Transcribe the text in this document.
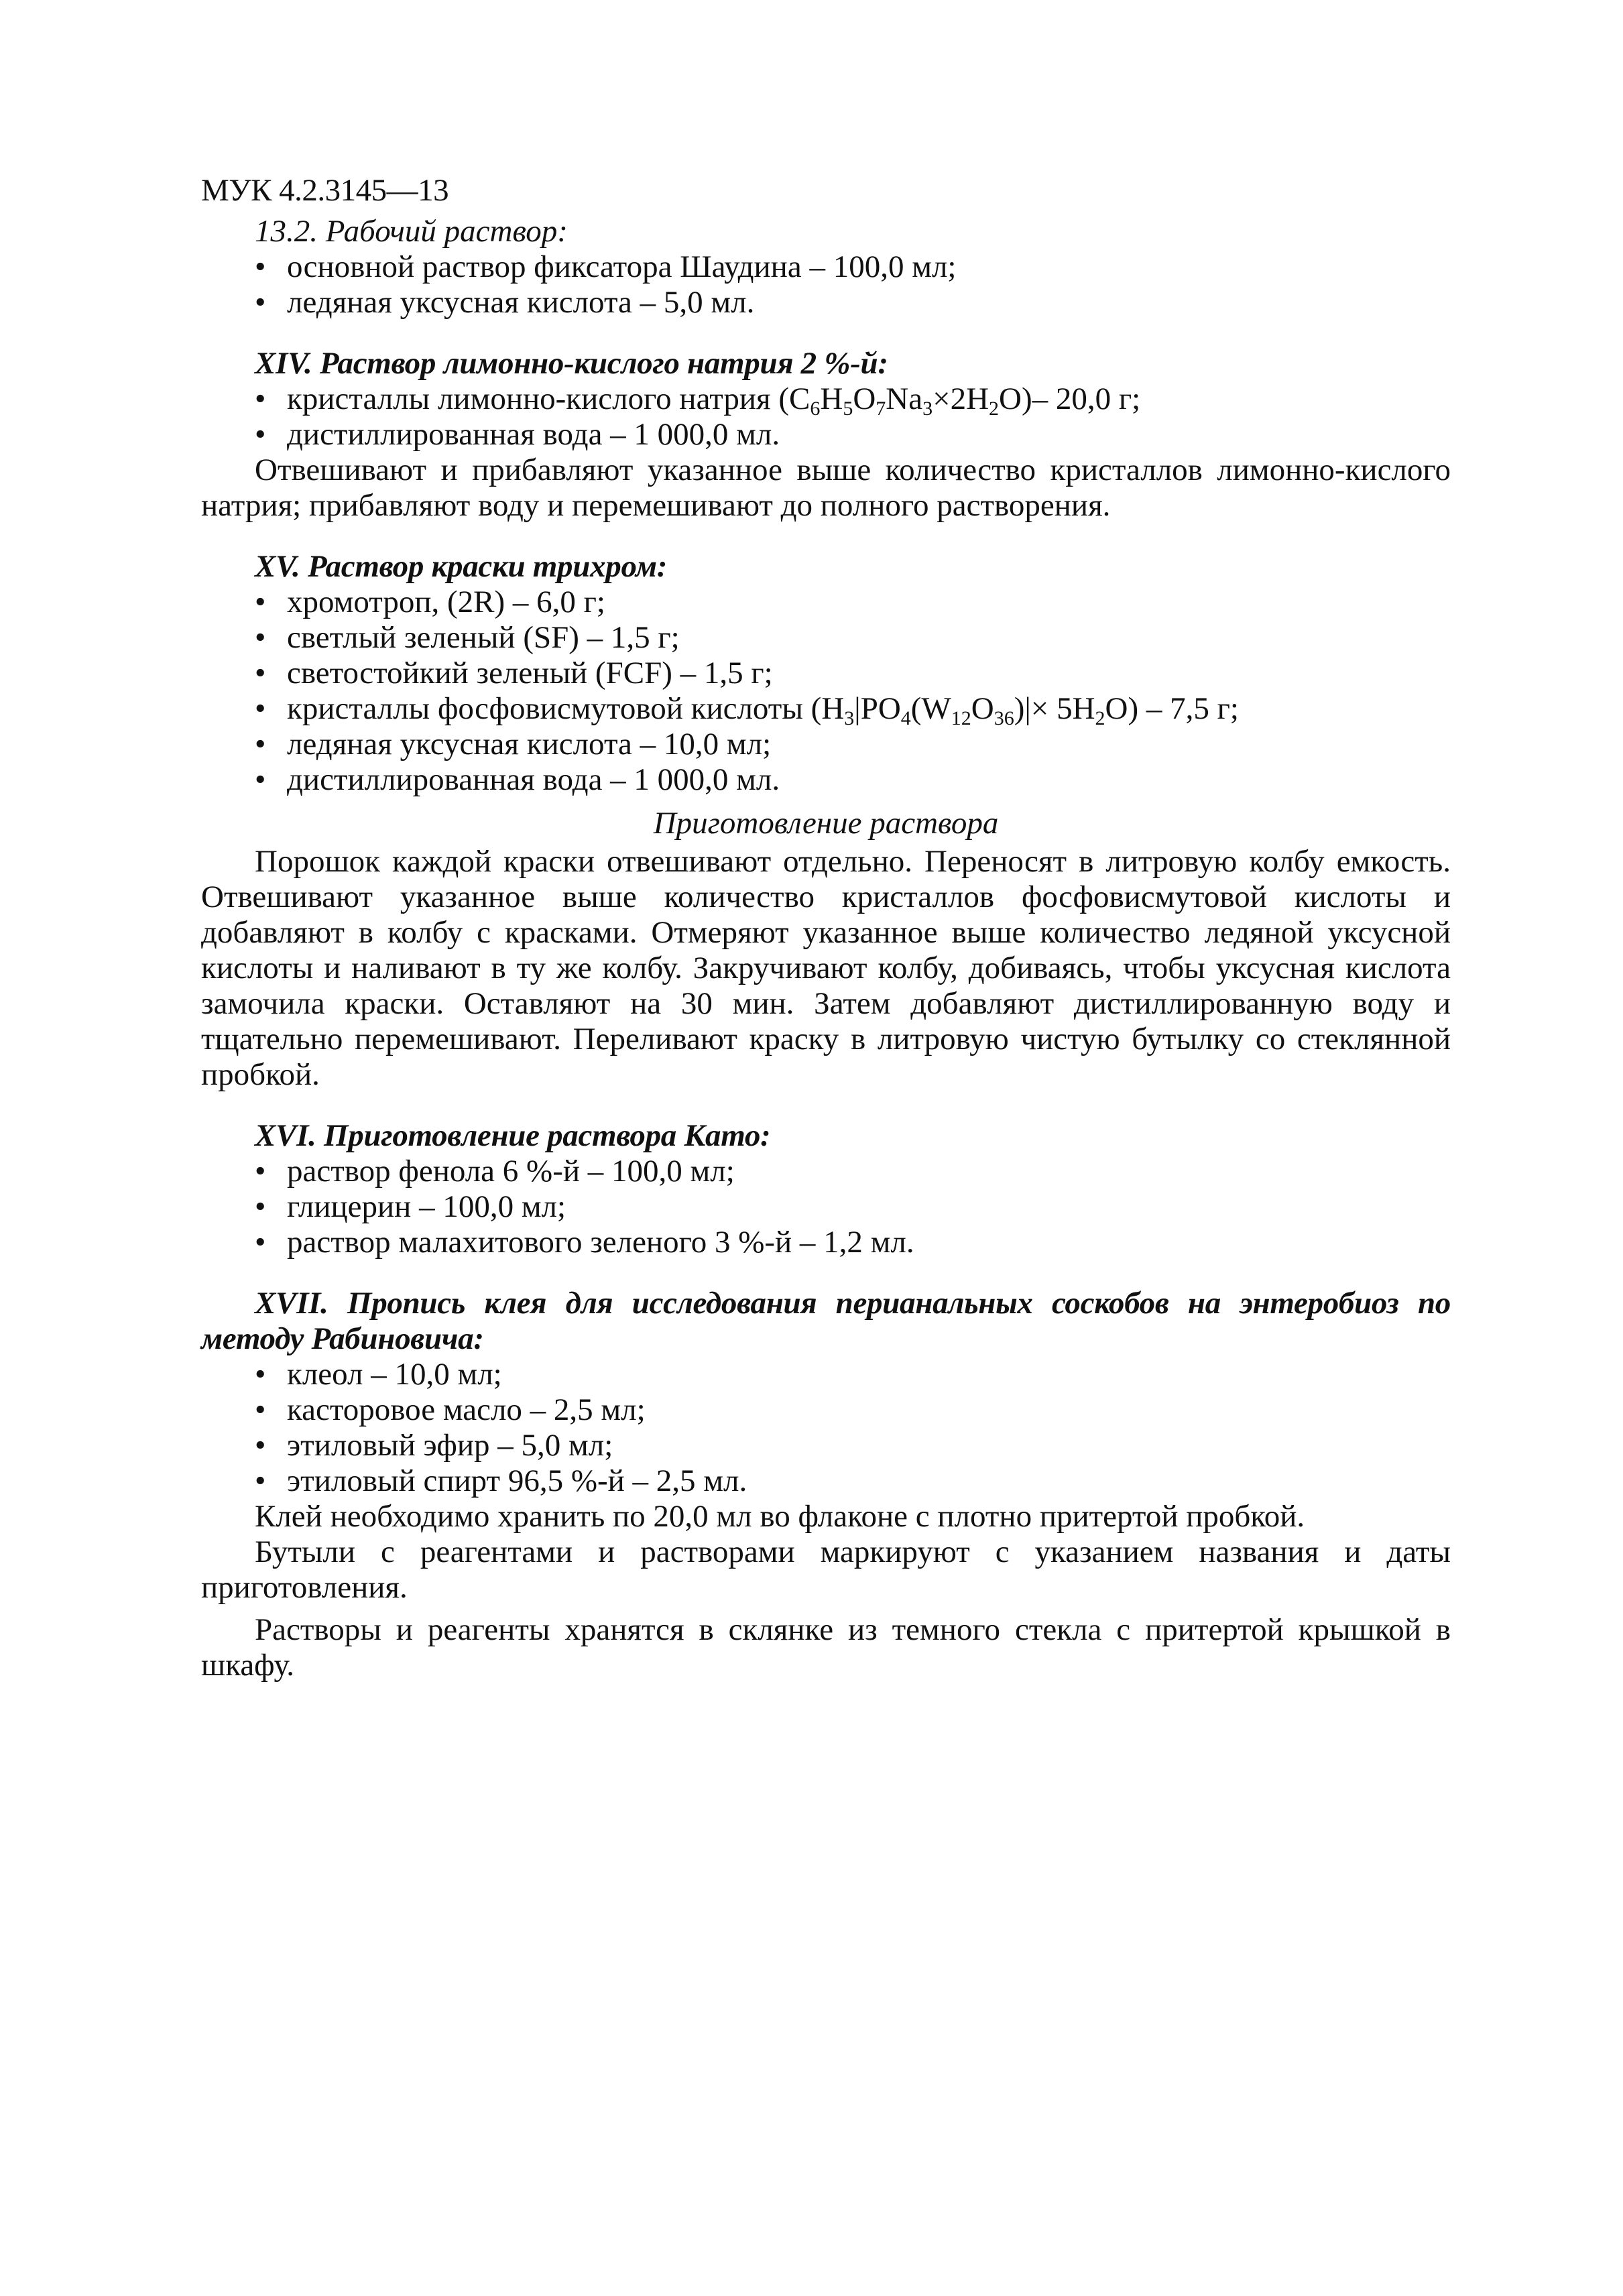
МУК 4.2.3145—13
13.2. Рабочий раствор:
• основной раствор фиксатора Шаудина – 100,0 мл;
• ледяная уксусная кислота – 5,0 мл.
XIV. Раствор лимонно-кислого натрия 2 %-й:
• кристаллы лимонно-кислого натрия $(C_6H_5O_7Na_3\times 2H_2O)-$ 20,0 г;
• дистиллированная вода – 1 000,0 мл.

Отвешивают и прибавляют указанное выше количество кристаллов лимонно-кислого натрия; прибавляют воду и перемешивают до полного растворения.

XV. Раствор краски трихром:
• хромотроп, (2R) – 6,0 г;
• светлый зеленый (SF) – 1,5 г;
• светостойкий зеленый (FCF) – 1,5 г;
• кристаллы фосфовисмутовой кислоты $(H_3|PO_4(W_{12}O_{36})|\times 5H_2O) - 7,5$ г;
• ледяная уксусная кислота – 10,0 мл;
• дистиллированная вода – 1 000,0 мл.
Приготовление раствора

Порошок каждой краски отвешивают отдельно. Переносят в литровую колбу емкость. Отвешивают указанное выше количество кристаллов фосфовисмутовой кислоты и добавляют в колбу с красками. Отмеряют указанное выше количество ледяной уксусной кислоты и наливают в ту же колбу. Закручивают колбу, добиваясь, чтобы уксусная кислота замочила краски. Оставляют на 30 мин. Затем добавляют дистиллированную воду и тщательно перемешивают. Переливают краску в литровую чистую бутылку со стеклянной пробкой.

XVI. Приготовление раствора Като:
• раствор фенола 6 %-й – 100,0 мл;
• глицерин – 100,0 мл;
• раствор малахитового зеленого 3 %-й – 1,2 мл.
XVII. Пропись клея для исследования перианальных соскобов на энтеробиоз по методу Рабиновича:
• клеол – 10,0 мл;
• касторовое масло – 2,5 мл;
• этиловый эфир – 5,0 мл;
• этиловый спирт 96,5 %-й – 2,5 мл.

Клей необходимо хранить по 20,0 мл во флаконе с плотно притертой пробкой.

Бутыли с реагентами и растворами маркируют с указанием названия и даты приготовления.

Растворы и реагенты хранятся в склянке из темного стекла с притертой крышкой в шкафу.
